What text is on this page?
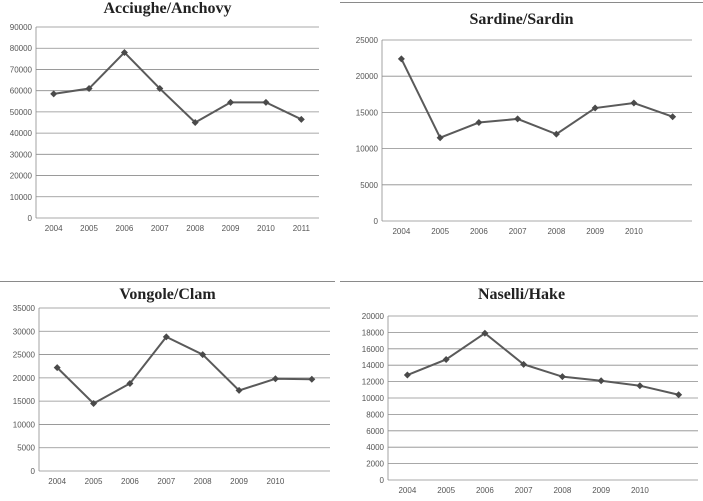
Acciughe/Anchovy
0
10000
20000
30000
40000
50000
60000
70000
80000
90000
2004 2005 2006 2007 2008 2009 2010 2011
Sardine/Sardin
0
5000
10000
15000
20000
25000
2004	2005	2006	2007	2008	2009	2010
Vongole/Clam
0
5000
10000
15000
20000
25000
30000
35000
2004 2005 2006 2007 2008 2009 2010
Naselli/Hake
0
2000
4000
6000
8000
10000
12000
14000
16000
18000
20000
2004	2005	2006	2007	2008	2009	2010
